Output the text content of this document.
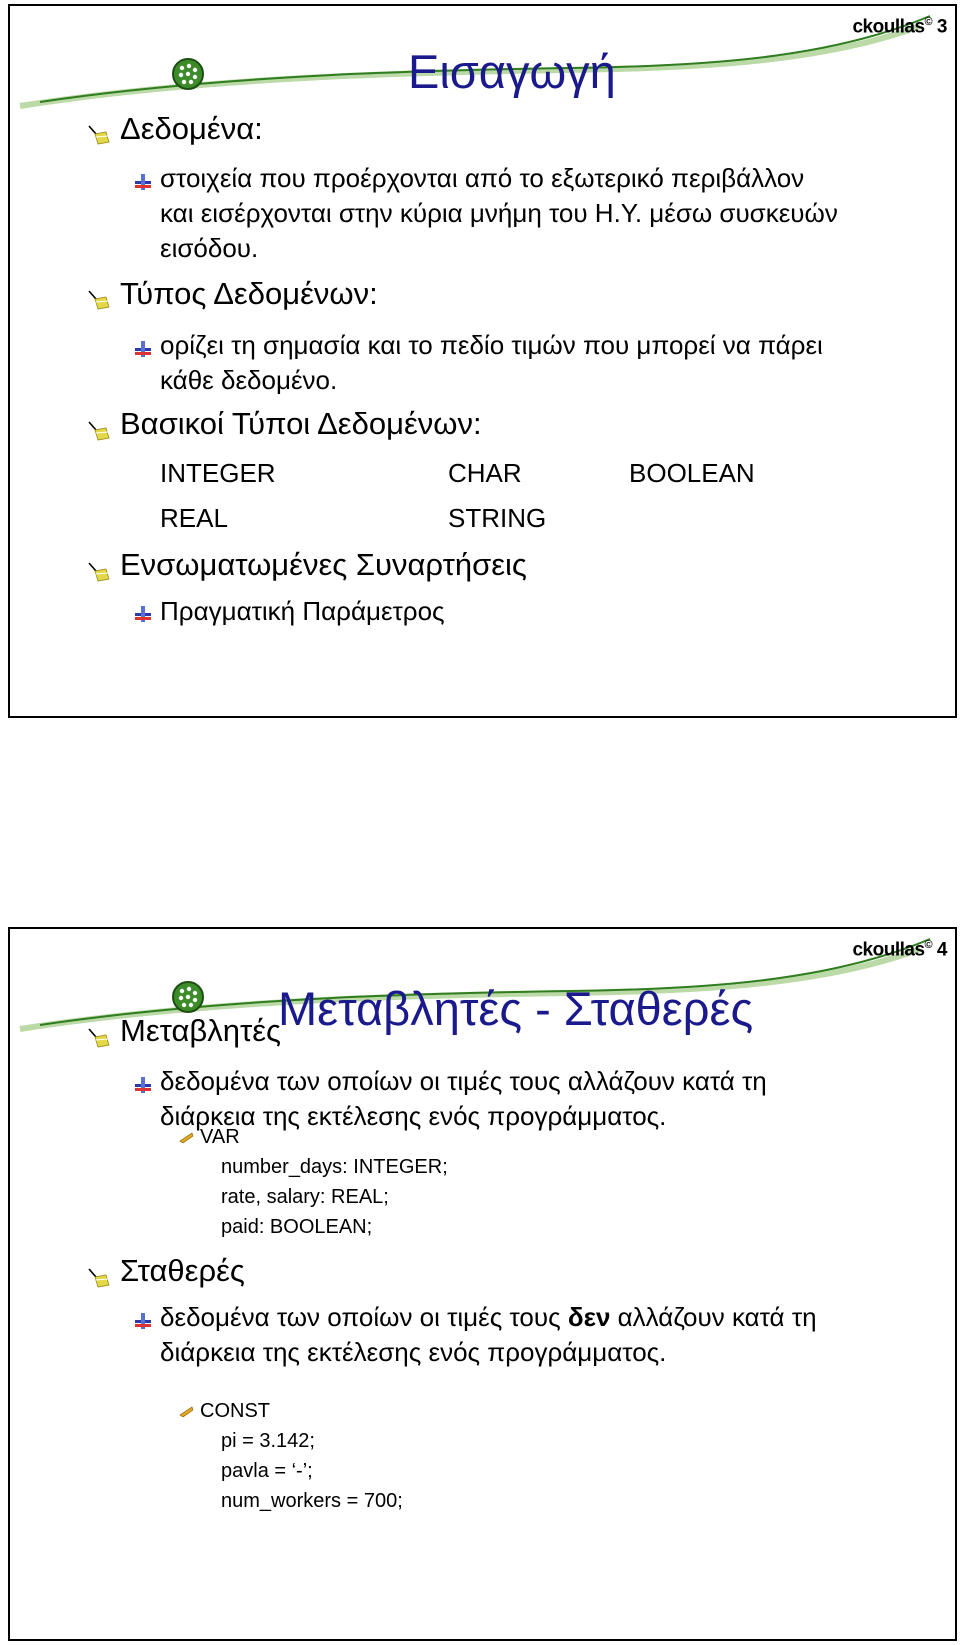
ckoullas© 3
Εισαγωγή
Δεδομένα:
στοιχεία που προέρχονται από το εξωτερικό περιβάλλον και εισέρχονται στην κύρια μνήμη του Η.Υ. μέσω συσκευών εισόδου.
Τύπος Δεδομένων:
ορίζει τη σημασία και το πεδίο τιμών που μπορεί να πάρει κάθε δεδομένο.
Βασικοί Τύποι Δεδομένων:
INTEGER	CHAR	BOOLEAN
REAL	STRING
Ενσωματωμένες Συναρτήσεις
Πραγματική Παράμετρος
ckoullas© 4
Μεταβλητές - Σταθερές
Μεταβλητές
δεδομένα των οποίων οι τιμές τους αλλάζουν κατά τη διάρκεια της εκτέλεσης ενός προγράμματος.
VAR
number_days: INTEGER;
rate, salary: REAL;
paid: BOOLEAN;
Σταθερές
δεδομένα των οποίων οι τιμές τους δεν αλλάζουν κατά τη διάρκεια της εκτέλεσης ενός προγράμματος.
CONST
pi = 3.142;
pavla = ‘-’;
num_workers = 700;
